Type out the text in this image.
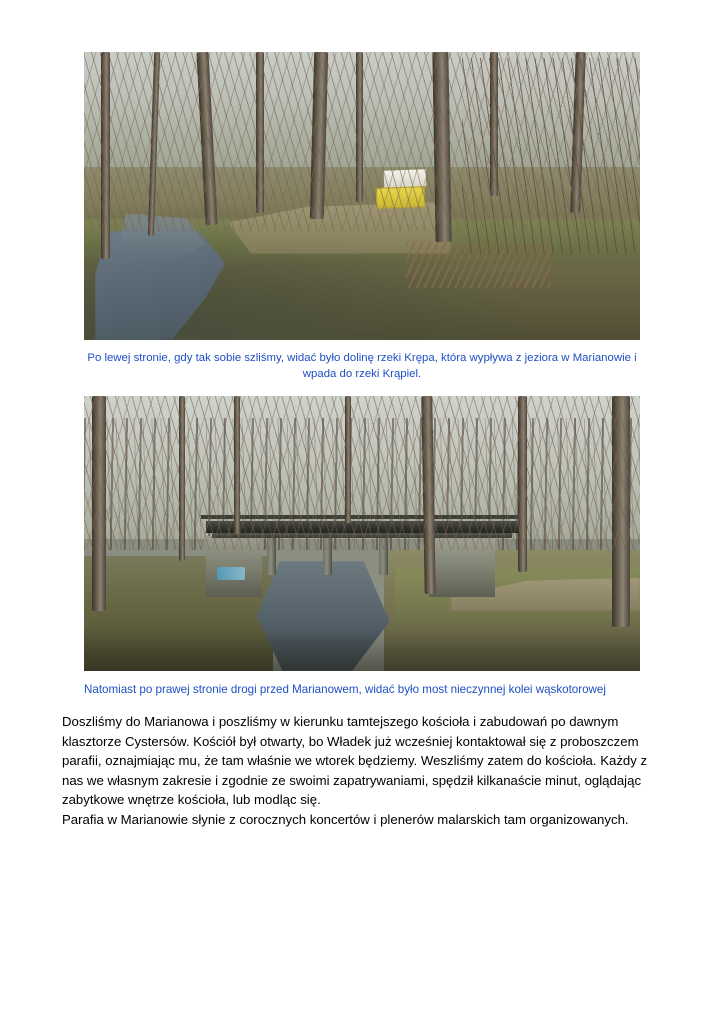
Po lewej stronie, gdy tak sobie szliśmy, widać było dolinę rzeki Krępa, która wypływa z jeziora w Marianowie i wpada do rzeki Krąpiel.
Natomiast po prawej stronie drogi przed Marianowem, widać było most nieczynnej kolei wąskotorowej

Doszliśmy do Marianowa i poszliśmy w kierunku tamtejszego kościoła i zabudowań po dawnym klasztorze Cystersów. Kościół był otwarty, bo Władek już wcześniej kontaktował się z proboszczem parafii, oznajmiając mu, że tam właśnie we wtorek będziemy. Weszliśmy zatem do kościoła. Każdy z nas we własnym zakresie i zgodnie ze swoimi zapatrywaniami, spędził kilkanaście minut, oglądając zabytkowe wnętrze kościoła, lub modląc się.

Parafia w Marianowie słynie z corocznych koncertów i plenerów malarskich tam organizowanych.
